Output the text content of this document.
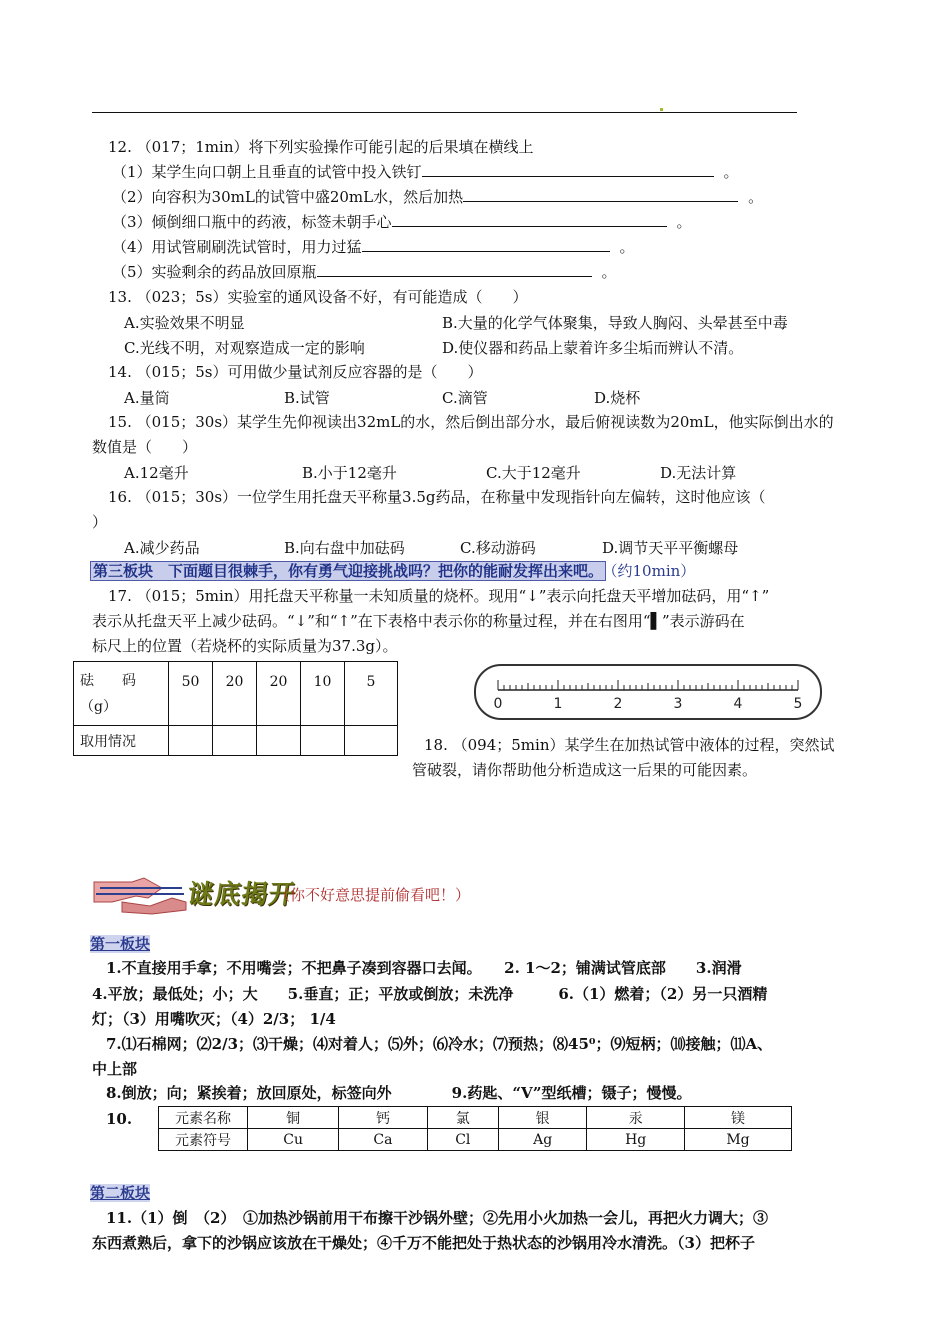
12. （017；1min）将下列实验操作可能引起的后果填在横线上
（1）某学生向口朝上且垂直的试管中投入铁钉	。
（2）向容积为30mL的试管中盛20mL水，然后加热	。
（3）倾倒细口瓶中的药液，标签未朝手心	。
（4）用试管刷刷洗试管时，用力过猛	。
（5）实验剩余的药品放回原瓶	。
13. （023；5s）实验室的通风设备不好，有可能造成（　　）
A.实验效果不明显	B.大量的化学气体聚集，导致人胸闷、头晕甚至中毒
C.光线不明，对观察造成一定的影响	D.使仪器和药品上蒙着许多尘垢而辨认不清。
14. （015；5s）可用做少量试剂反应容器的是（　　）
A.量筒	B.试管	C.滴管	D.烧杯
15. （015；30s）某学生先仰视读出32mL的水，然后倒出部分水，最后俯视读数为20mL，他实际倒出水的
数值是（　　）
A.12毫升	B.小于12毫升	C.大于12毫升	D.无法计算
16. （015；30s）一位学生用托盘天平称量3.5g药品，在称量中发现指针向左偏转，这时他应该（
）
A.减少药品	B.向右盘中加砝码	C.移动游码	D.调节天平平衡螺母
第三板块　下面题目很棘手，你有勇气迎接挑战吗？把你的能耐发挥出来吧。 （约10min）
17. （015；5min）用托盘天平称量一未知质量的烧杯。现用“↓”表示向托盘天平增加砝码，用“↑”
表示从托盘天平上减少砝码。“↓”和“↑”在下表格中表示你的称量过程，并在右图用“▌”表示游码在
标尺上的位置（若烧杯的实际质量为37.3g）。
砝　　码
（g）	50	20	20	10	5
取用情况					
0	1	2	3	4	5
18. （094；5min）某学生在加热试管中液体的过程，突然试
管破裂，请你帮助他分析造成这一后果的可能因素。
谜底揭开
（你不好意思提前偷看吧！）
第一板块
1.不直接用手拿；不用嘴尝；不把鼻子凑到容器口去闻。　　2. 1～2；铺满试管底部　　3.润滑
4.平放；最低处；小；大　　5.垂直；正；平放或倒放；未洗净　　　6.（1）燃着；（2）另一只酒精
灯；（3）用嘴吹灭；（4）2/3； 1/4
7.⑴石棉网；⑵2/3；⑶干燥；⑷对着人；⑸外；⑹冷水；⑺预热；⑻45⁰；⑼短柄；⑽接触；⑾A、
中上部
8.倒放；向；紧挨着；放回原处，标签向外　　　　9.药匙、“V”型纸槽；镊子；慢慢。
10.	元素名称	铜	钙	氯	银	汞	镁
元素符号	Cu	Ca	Cl	Ag	Hg	Mg
第二板块
11.（1）倒　（2）　①加热沙锅前用干布擦干沙锅外壁；②先用小火加热一会儿，再把火力调大；③
东西煮熟后，拿下的沙锅应该放在干燥处；④千万不能把处于热状态的沙锅用冷水清洗。（3）把杯子
